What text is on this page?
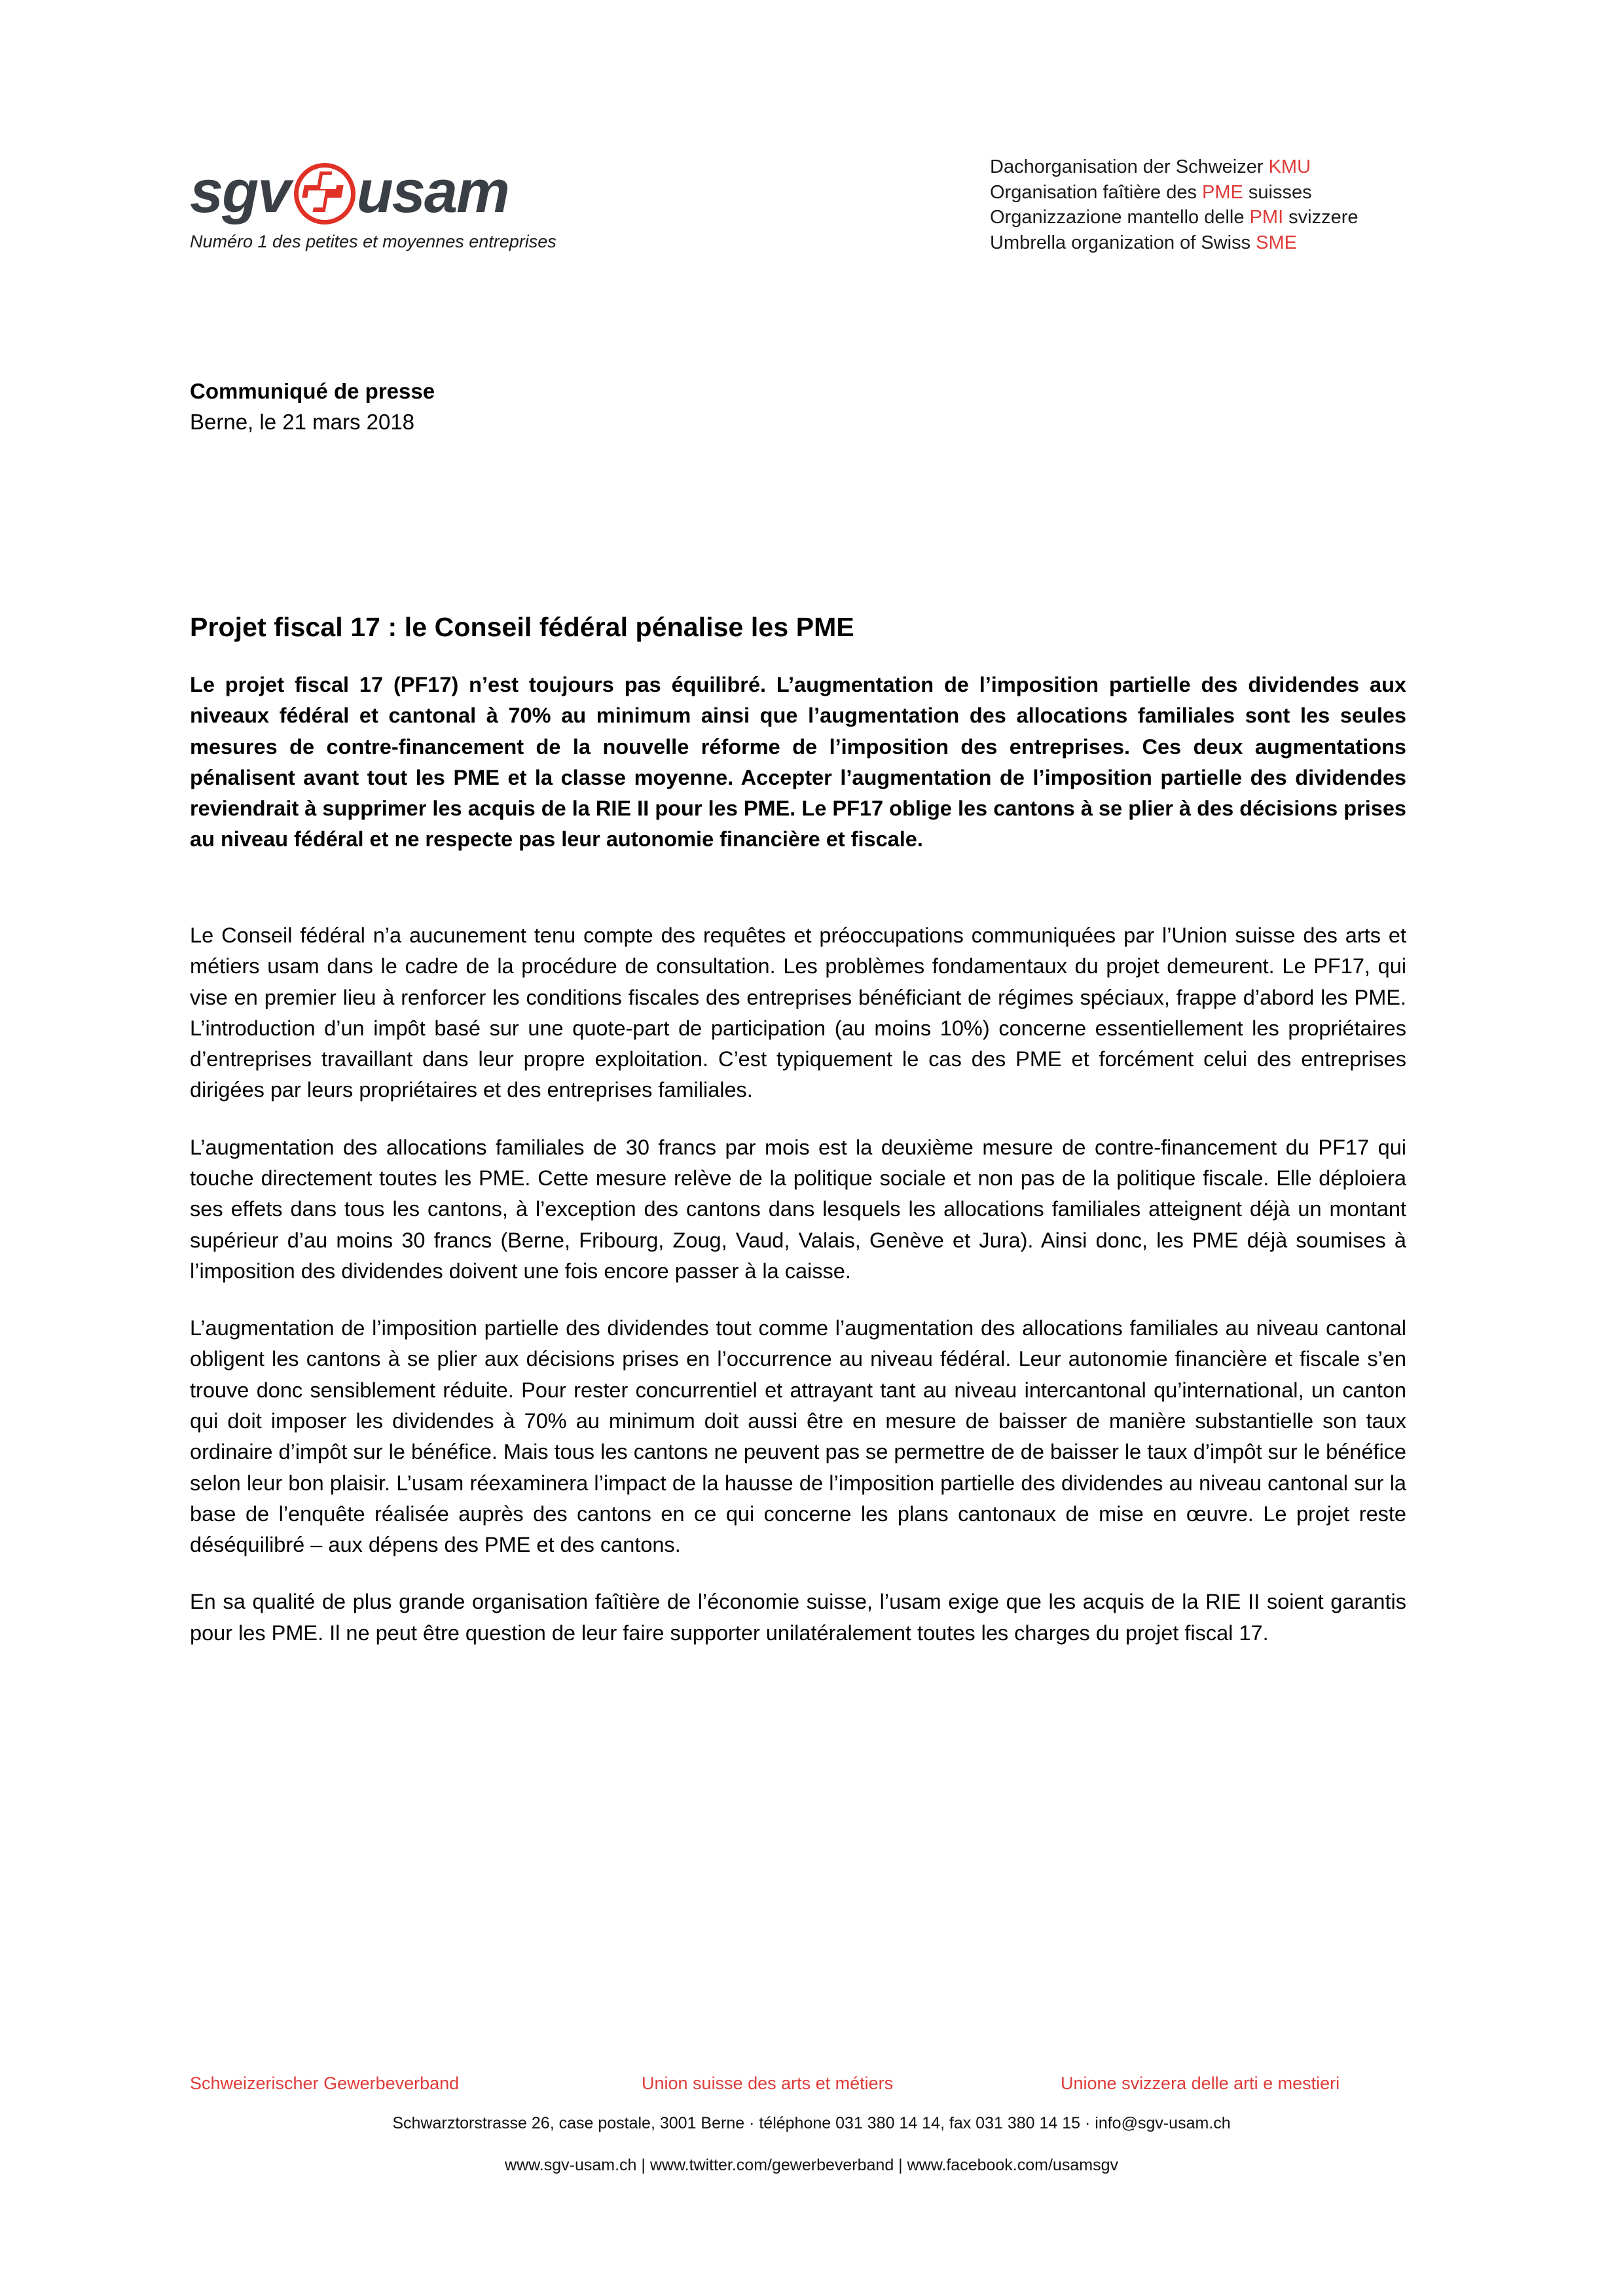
sgv usam
Numéro 1 des petites et moyennes entreprises
Dachorganisation der Schweizer KMU
Organisation faîtière des PME suisses
Organizzazione mantello delle PMI svizzere
Umbrella organization of Swiss SME
Communiqué de presse
Berne, le 21 mars 2018
Projet fiscal 17 : le Conseil fédéral pénalise les PME
Le projet fiscal 17 (PF17) n’est toujours pas équilibré. L’augmentation de l’imposition partielle des dividendes aux niveaux fédéral et cantonal à 70% au minimum ainsi que l’augmentation des allocations familiales sont les seules mesures de contre-financement de la nouvelle réforme de l’imposition des entreprises. Ces deux augmentations pénalisent avant tout les PME et la classe moyenne. Accepter l’augmentation de l’imposition partielle des dividendes reviendrait à supprimer les acquis de la RIE II pour les PME. Le PF17 oblige les cantons à se plier à des décisions prises au niveau fédéral et ne respecte pas leur autonomie financière et fiscale.

Le Conseil fédéral n’a aucunement tenu compte des requêtes et préoccupations communiquées par l’Union suisse des arts et métiers usam dans le cadre de la procédure de consultation. Les problèmes fondamentaux du projet demeurent. Le PF17, qui vise en premier lieu à renforcer les conditions fiscales des entreprises bénéficiant de régimes spéciaux, frappe d’abord les PME. L’introduction d’un impôt basé sur une quote-part de participation (au moins 10%) concerne essentiellement les propriétaires d’entreprises travaillant dans leur propre exploitation. C’est typiquement le cas des PME et forcément celui des entreprises dirigées par leurs propriétaires et des entreprises familiales.

L’augmentation des allocations familiales de 30 francs par mois est la deuxième mesure de contre-financement du PF17 qui touche directement toutes les PME. Cette mesure relève de la politique sociale et non pas de la politique fiscale. Elle déploiera ses effets dans tous les cantons, à l’exception des cantons dans lesquels les allocations familiales atteignent déjà un montant supérieur d’au moins 30 francs (Berne, Fribourg, Zoug, Vaud, Valais, Genève et Jura). Ainsi donc, les PME déjà soumises à l’imposition des dividendes doivent une fois encore passer à la caisse.

L’augmentation de l’imposition partielle des dividendes tout comme l’augmentation des allocations familiales au niveau cantonal obligent les cantons à se plier aux décisions prises en l’occurrence au niveau fédéral. Leur autonomie financière et fiscale s’en trouve donc sensiblement réduite. Pour rester concurrentiel et attrayant tant au niveau intercantonal qu’international, un canton qui doit imposer les dividendes à 70% au minimum doit aussi être en mesure de baisser de manière substantielle son taux ordinaire d’impôt sur le bénéfice. Mais tous les cantons ne peuvent pas se permettre de de baisser le taux d’impôt sur le bénéfice selon leur bon plaisir. L’usam réexaminera l’impact de la hausse de l’imposition partielle des dividendes au niveau cantonal sur la base de l’enquête réalisée auprès des cantons en ce qui concerne les plans cantonaux de mise en œuvre. Le projet reste déséquilibré – aux dépens des PME et des cantons.

En sa qualité de plus grande organisation faîtière de l’économie suisse, l’usam exige que les acquis de la RIE II soient garantis pour les PME. Il ne peut être question de leur faire supporter unilatéralement toutes les charges du projet fiscal 17.

Schweizerischer Gewerbeverband	Union suisse des arts et métiers	Unione svizzera delle arti e mestieri
Schwarztorstrasse 26, case postale, 3001 Berne · téléphone 031 380 14 14, fax 031 380 14 15 · info@sgv-usam.ch
www.sgv-usam.ch | www.twitter.com/gewerbeverband | www.facebook.com/usamsgv
